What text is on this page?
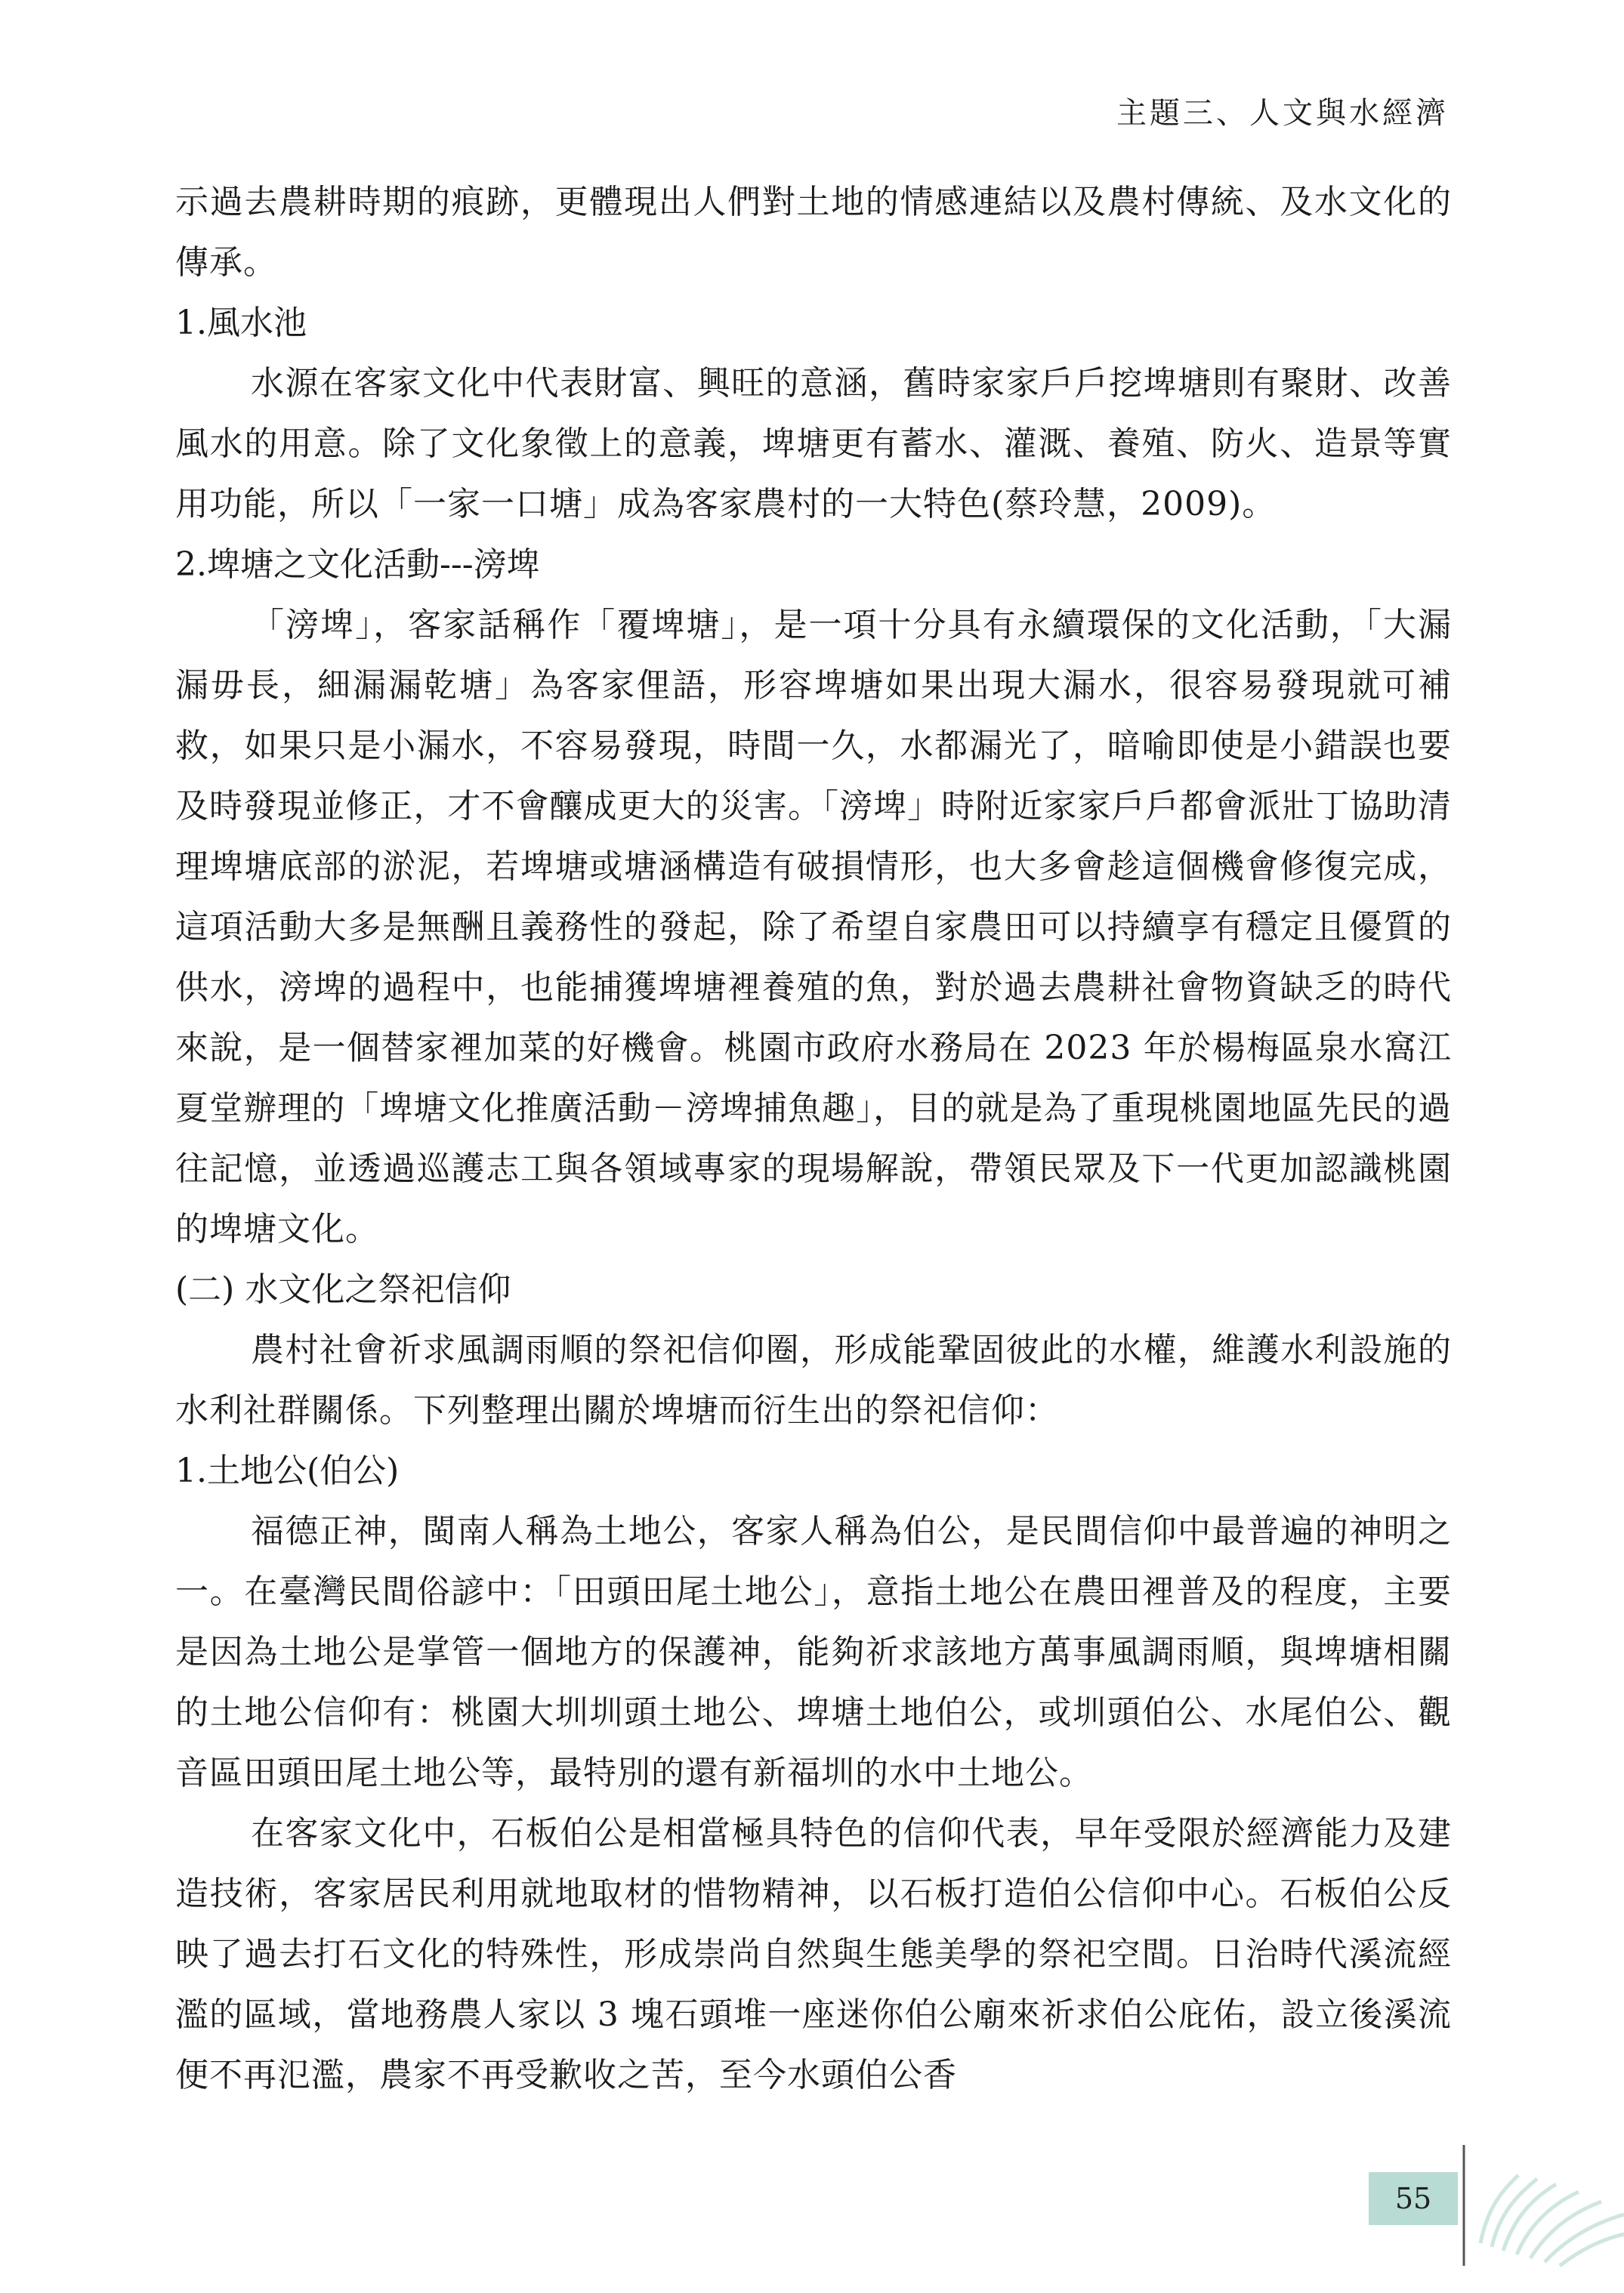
主題三、人文與水經濟

示過去農耕時期的痕跡，更體現出人們對土地的情感連結以及農村傳統、及水文化的傳承。

1.風水池

水源在客家文化中代表財富、興旺的意涵，舊時家家戶戶挖埤塘則有聚財、改善風水的用意。除了文化象徵上的意義，埤塘更有蓄水、灌溉、養殖、防火、造景等實用功能，所以「一家一口塘」成為客家農村的一大特色(蔡玲慧，2009)。

2.埤塘之文化活動---滂埤

「滂埤」，客家話稱作「覆埤塘」，是一項十分具有永續環保的文化活動，「大漏漏毋長，細漏漏乾塘」為客家俚語，形容埤塘如果出現大漏水，很容易發現就可補救，如果只是小漏水，不容易發現，時間一久，水都漏光了，暗喻即使是小錯誤也要及時發現並修正，才不會釀成更大的災害。「滂埤」時附近家家戶戶都會派壯丁協助清理埤塘底部的淤泥，若埤塘或塘涵構造有破損情形，也大多會趁這個機會修復完成，這項活動大多是無酬且義務性的發起，除了希望自家農田可以持續享有穩定且優質的供水，滂埤的過程中，也能捕獲埤塘裡養殖的魚，對於過去農耕社會物資缺乏的時代來說，是一個替家裡加菜的好機會。桃園市政府水務局在 2023 年於楊梅區泉水窩江夏堂辦理的「埤塘文化推廣活動－滂埤捕魚趣」，目的就是為了重現桃園地區先民的過往記憶，並透過巡護志工與各領域專家的現場解說，帶領民眾及下一代更加認識桃園的埤塘文化。

(二) 水文化之祭祀信仰

農村社會祈求風調雨順的祭祀信仰圈，形成能鞏固彼此的水權，維護水利設施的水利社群關係。下列整理出關於埤塘而衍生出的祭祀信仰：

1.土地公(伯公)

福德正神，閩南人稱為土地公，客家人稱為伯公，是民間信仰中最普遍的神明之一。在臺灣民間俗諺中：「田頭田尾土地公」，意指土地公在農田裡普及的程度，主要是因為土地公是掌管一個地方的保護神，能夠祈求該地方萬事風調雨順，與埤塘相關的土地公信仰有：桃園大圳圳頭土地公、埤塘土地伯公，或圳頭伯公、水尾伯公、觀音區田頭田尾土地公等，最特別的還有新福圳的水中土地公。

在客家文化中，石板伯公是相當極具特色的信仰代表，早年受限於經濟能力及建造技術，客家居民利用就地取材的惜物精神，以石板打造伯公信仰中心。石板伯公反映了過去打石文化的特殊性，形成崇尚自然與生態美學的祭祀空間。日治時代溪流經濫的區域，當地務農人家以 3 塊石頭堆一座迷你伯公廟來祈求伯公庇佑，設立後溪流便不再氾濫，農家不再受歉收之苦，至今水頭伯公香

55
